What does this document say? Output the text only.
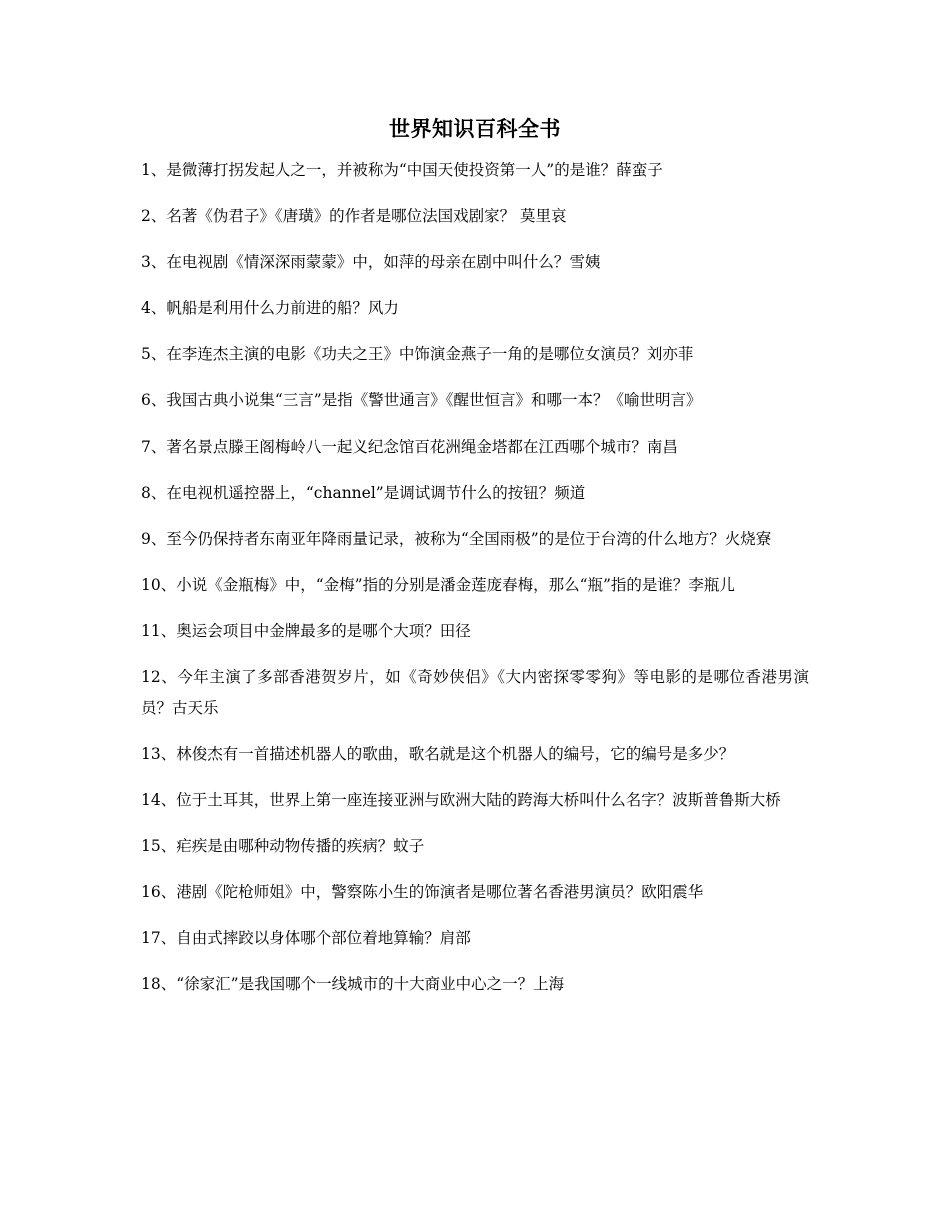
世界知识百科全书
1、是微薄打拐发起人之一，并被称为“中国天使投资第一人”的是谁？薛蛮子
2、名著《伪君子》《唐璜》的作者是哪位法国戏剧家？ 莫里哀
3、在电视剧《情深深雨蒙蒙》中，如萍的母亲在剧中叫什么？雪姨
4、帆船是利用什么力前进的船？风力
5、在李连杰主演的电影《功夫之王》中饰演金燕子一角的是哪位女演员？刘亦菲
6、我国古典小说集“三言”是指《警世通言》《醒世恒言》和哪一本？《喻世明言》
7、著名景点滕王阁梅岭八一起义纪念馆百花洲绳金塔都在江西哪个城市？南昌
8、在电视机遥控器上，“channel”是调试调节什么的按钮？频道
9、至今仍保持者东南亚年降雨量记录，被称为“全国雨极”的是位于台湾的什么地方？火烧寮
10、小说《金瓶梅》中，“金梅”指的分别是潘金莲庞春梅，那么“瓶”指的是谁？李瓶儿
11、奥运会项目中金牌最多的是哪个大项？田径
12、今年主演了多部香港贺岁片，如《奇妙侠侣》《大内密探零零狗》等电影的是哪位香港男演员？古天乐
13、林俊杰有一首描述机器人的歌曲，歌名就是这个机器人的编号，它的编号是多少？
14、位于土耳其，世界上第一座连接亚洲与欧洲大陆的跨海大桥叫什么名字？波斯普鲁斯大桥
15、疟疾是由哪种动物传播的疾病？蚊子
16、港剧《陀枪师姐》中，警察陈小生的饰演者是哪位著名香港男演员？欧阳震华
17、自由式摔跤以身体哪个部位着地算输？肩部
18、“徐家汇”是我国哪个一线城市的十大商业中心之一？上海
